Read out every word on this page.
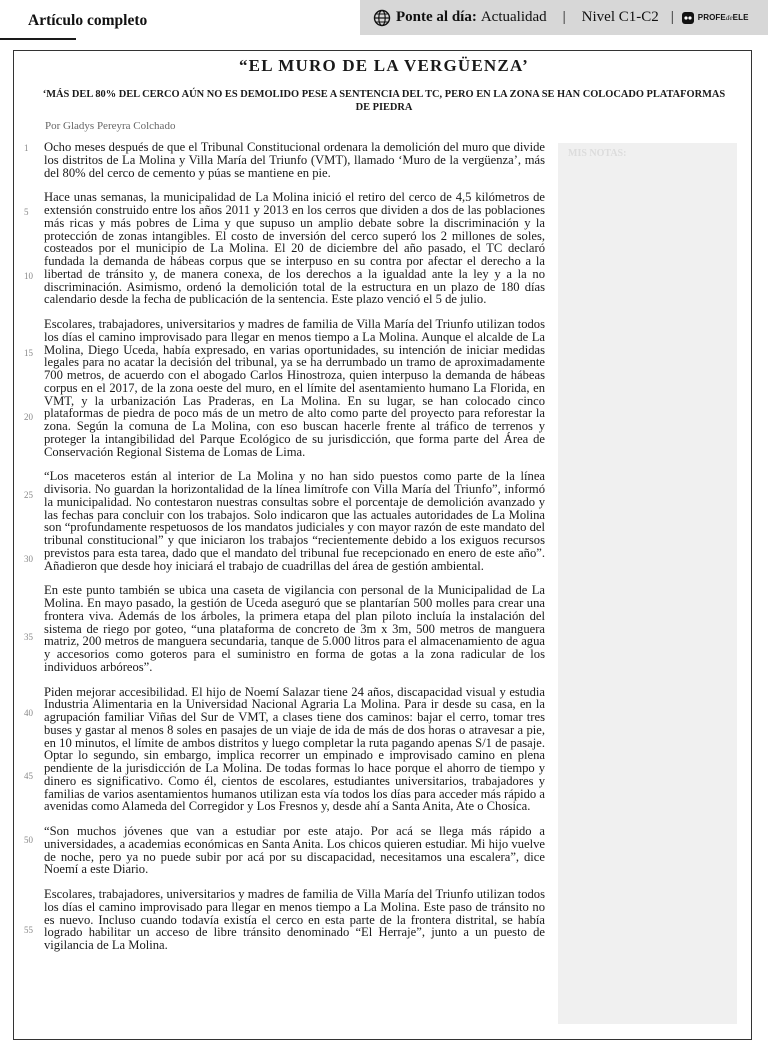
Artículo completo	Ponte al día: Actualidad | Nivel C1-C2 |	PROFEdeELE
“EL MURO DE LA VERGÜENZA’
‘MÁS DEL 80% DEL CERCO AÚN NO ES DEMOLIDO PESE A SENTENCIA DEL TC, PERO EN LA ZONA SE HAN COLOCADO PLATAFORMAS DE PIEDRA
Por Gladys Pereyra Colchado
MIS NOTAS:
1
5
10
15
20
25
30
35
40
45
50
55

Ocho meses después de que el Tribunal Constitucional ordenara la demolición del muro que divide los distritos de La Molina y Villa María del Triunfo (VMT), llamado ‘Muro de la vergüenza’, más del 80% del cerco de cemento y púas se mantiene en pie.

Hace unas semanas, la municipalidad de La Molina inició el retiro del cerco de 4,5 kilómetros de extensión construido entre los años 2011 y 2013 en los cerros que dividen a dos de las poblaciones más ricas y más pobres de Lima y que supuso un amplio debate sobre la discriminación y la protección de zonas intangibles. El costo de inversión del cerco superó los 2 millones de soles, costeados por el municipio de La Molina. El 20 de diciembre del año pasado, el TC declaró fundada la demanda de hábeas corpus que se interpuso en su contra por afectar el derecho a la libertad de tránsito y, de manera conexa, de los derechos a la igualdad ante la ley y a la no discriminación. Asimismo, ordenó la demolición total de la estructura en un plazo de 180 días calendario desde la fecha de publicación de la sentencia. Este plazo venció el 5 de julio.

Escolares, trabajadores, universitarios y madres de familia de Villa María del Triunfo utilizan todos los días el camino improvisado para llegar en menos tiempo a La Molina. Aunque el alcalde de La Molina, Diego Uceda, había expresado, en varias oportunidades, su intención de iniciar medidas legales para no acatar la decisión del tribunal, ya se ha derrumbado un tramo de aproximadamente 700 metros, de acuerdo con el abogado Carlos Hinostroza, quien interpuso la demanda de hábeas corpus en el 2017, de la zona oeste del muro, en el límite del asentamiento humano La Florida, en VMT, y la urbanización Las Praderas, en La Molina. En su lugar, se han colocado cinco plataformas de piedra de poco más de un metro de alto como parte del proyecto para reforestar la zona. Según la comuna de La Molina, con eso buscan hacerle frente al tráfico de terrenos y proteger la intangibilidad del Parque Ecológico de su jurisdicción, que forma parte del Área de Conservación Regional Sistema de Lomas de Lima.

“Los maceteros están al interior de La Molina y no han sido puestos como parte de la línea divisoria. No guardan la horizontalidad de la línea limítrofe con Villa María del Triunfo”, informó la municipalidad. No contestaron nuestras consultas sobre el porcentaje de demolición avanzado y las fechas para concluir con los trabajos. Solo indicaron que las actuales autoridades de La Molina son “profundamente respetuosos de los mandatos judiciales y con mayor razón de este mandato del tribunal constitucional” y que iniciaron los trabajos “recientemente debido a los exiguos recursos previstos para esta tarea, dado que el mandato del tribunal fue recepcionado en enero de este año”. Añadieron que desde hoy iniciará el trabajo de cuadrillas del área de gestión ambiental.

En este punto también se ubica una caseta de vigilancia con personal de la Municipalidad de La Molina. En mayo pasado, la gestión de Uceda aseguró que se plantarían 500 molles para crear una frontera viva. Además de los árboles, la primera etapa del plan piloto incluía la instalación del sistema de riego por goteo, “una plataforma de concreto de 3m x 3m, 500 metros de manguera matriz, 200 metros de manguera secundaria, tanque de 5.000 litros para el almacenamiento de agua y accesorios como goteros para el suministro en forma de gotas a la zona radicular de los individuos arbóreos”.

Piden mejorar accesibilidad. El hijo de Noemí Salazar tiene 24 años, discapacidad visual y estudia Industria Alimentaria en la Universidad Nacional Agraria La Molina. Para ir desde su casa, en la agrupación familiar Viñas del Sur de VMT, a clases tiene dos caminos: bajar el cerro, tomar tres buses y gastar al menos 8 soles en pasajes de un viaje de ida de más de dos horas o atravesar a pie, en 10 minutos, el límite de ambos distritos y luego completar la ruta pagando apenas S/1 de pasaje. Optar lo segundo, sin embargo, implica recorrer un empinado e improvisado camino en plena pendiente de la jurisdicción de La Molina. De todas formas lo hace porque el ahorro de tiempo y dinero es significativo. Como él, cientos de escolares, estudiantes universitarios, trabajadores y familias de varios asentamientos humanos utilizan esta vía todos los días para acceder más rápido a avenidas como Alameda del Corregidor y Los Fresnos y, desde ahí a Santa Anita, Ate o Chosica.

“Son muchos jóvenes que van a estudiar por este atajo. Por acá se llega más rápido a universidades, a academias económicas en Santa Anita. Los chicos quieren estudiar. Mi hijo vuelve de noche, pero ya no puede subir por acá por su discapacidad, necesitamos una escalera”, dice Noemí a este Diario.

Escolares, trabajadores, universitarios y madres de familia de Villa María del Triunfo utilizan todos los días el camino improvisado para llegar en menos tiempo a La Molina. Este paso de tránsito no es nuevo. Incluso cuando todavía existía el cerco en esta parte de la frontera distrital, se había logrado habilitar un acceso de libre tránsito denominado “El Herraje”, junto a un puesto de vigilancia de La Molina.
